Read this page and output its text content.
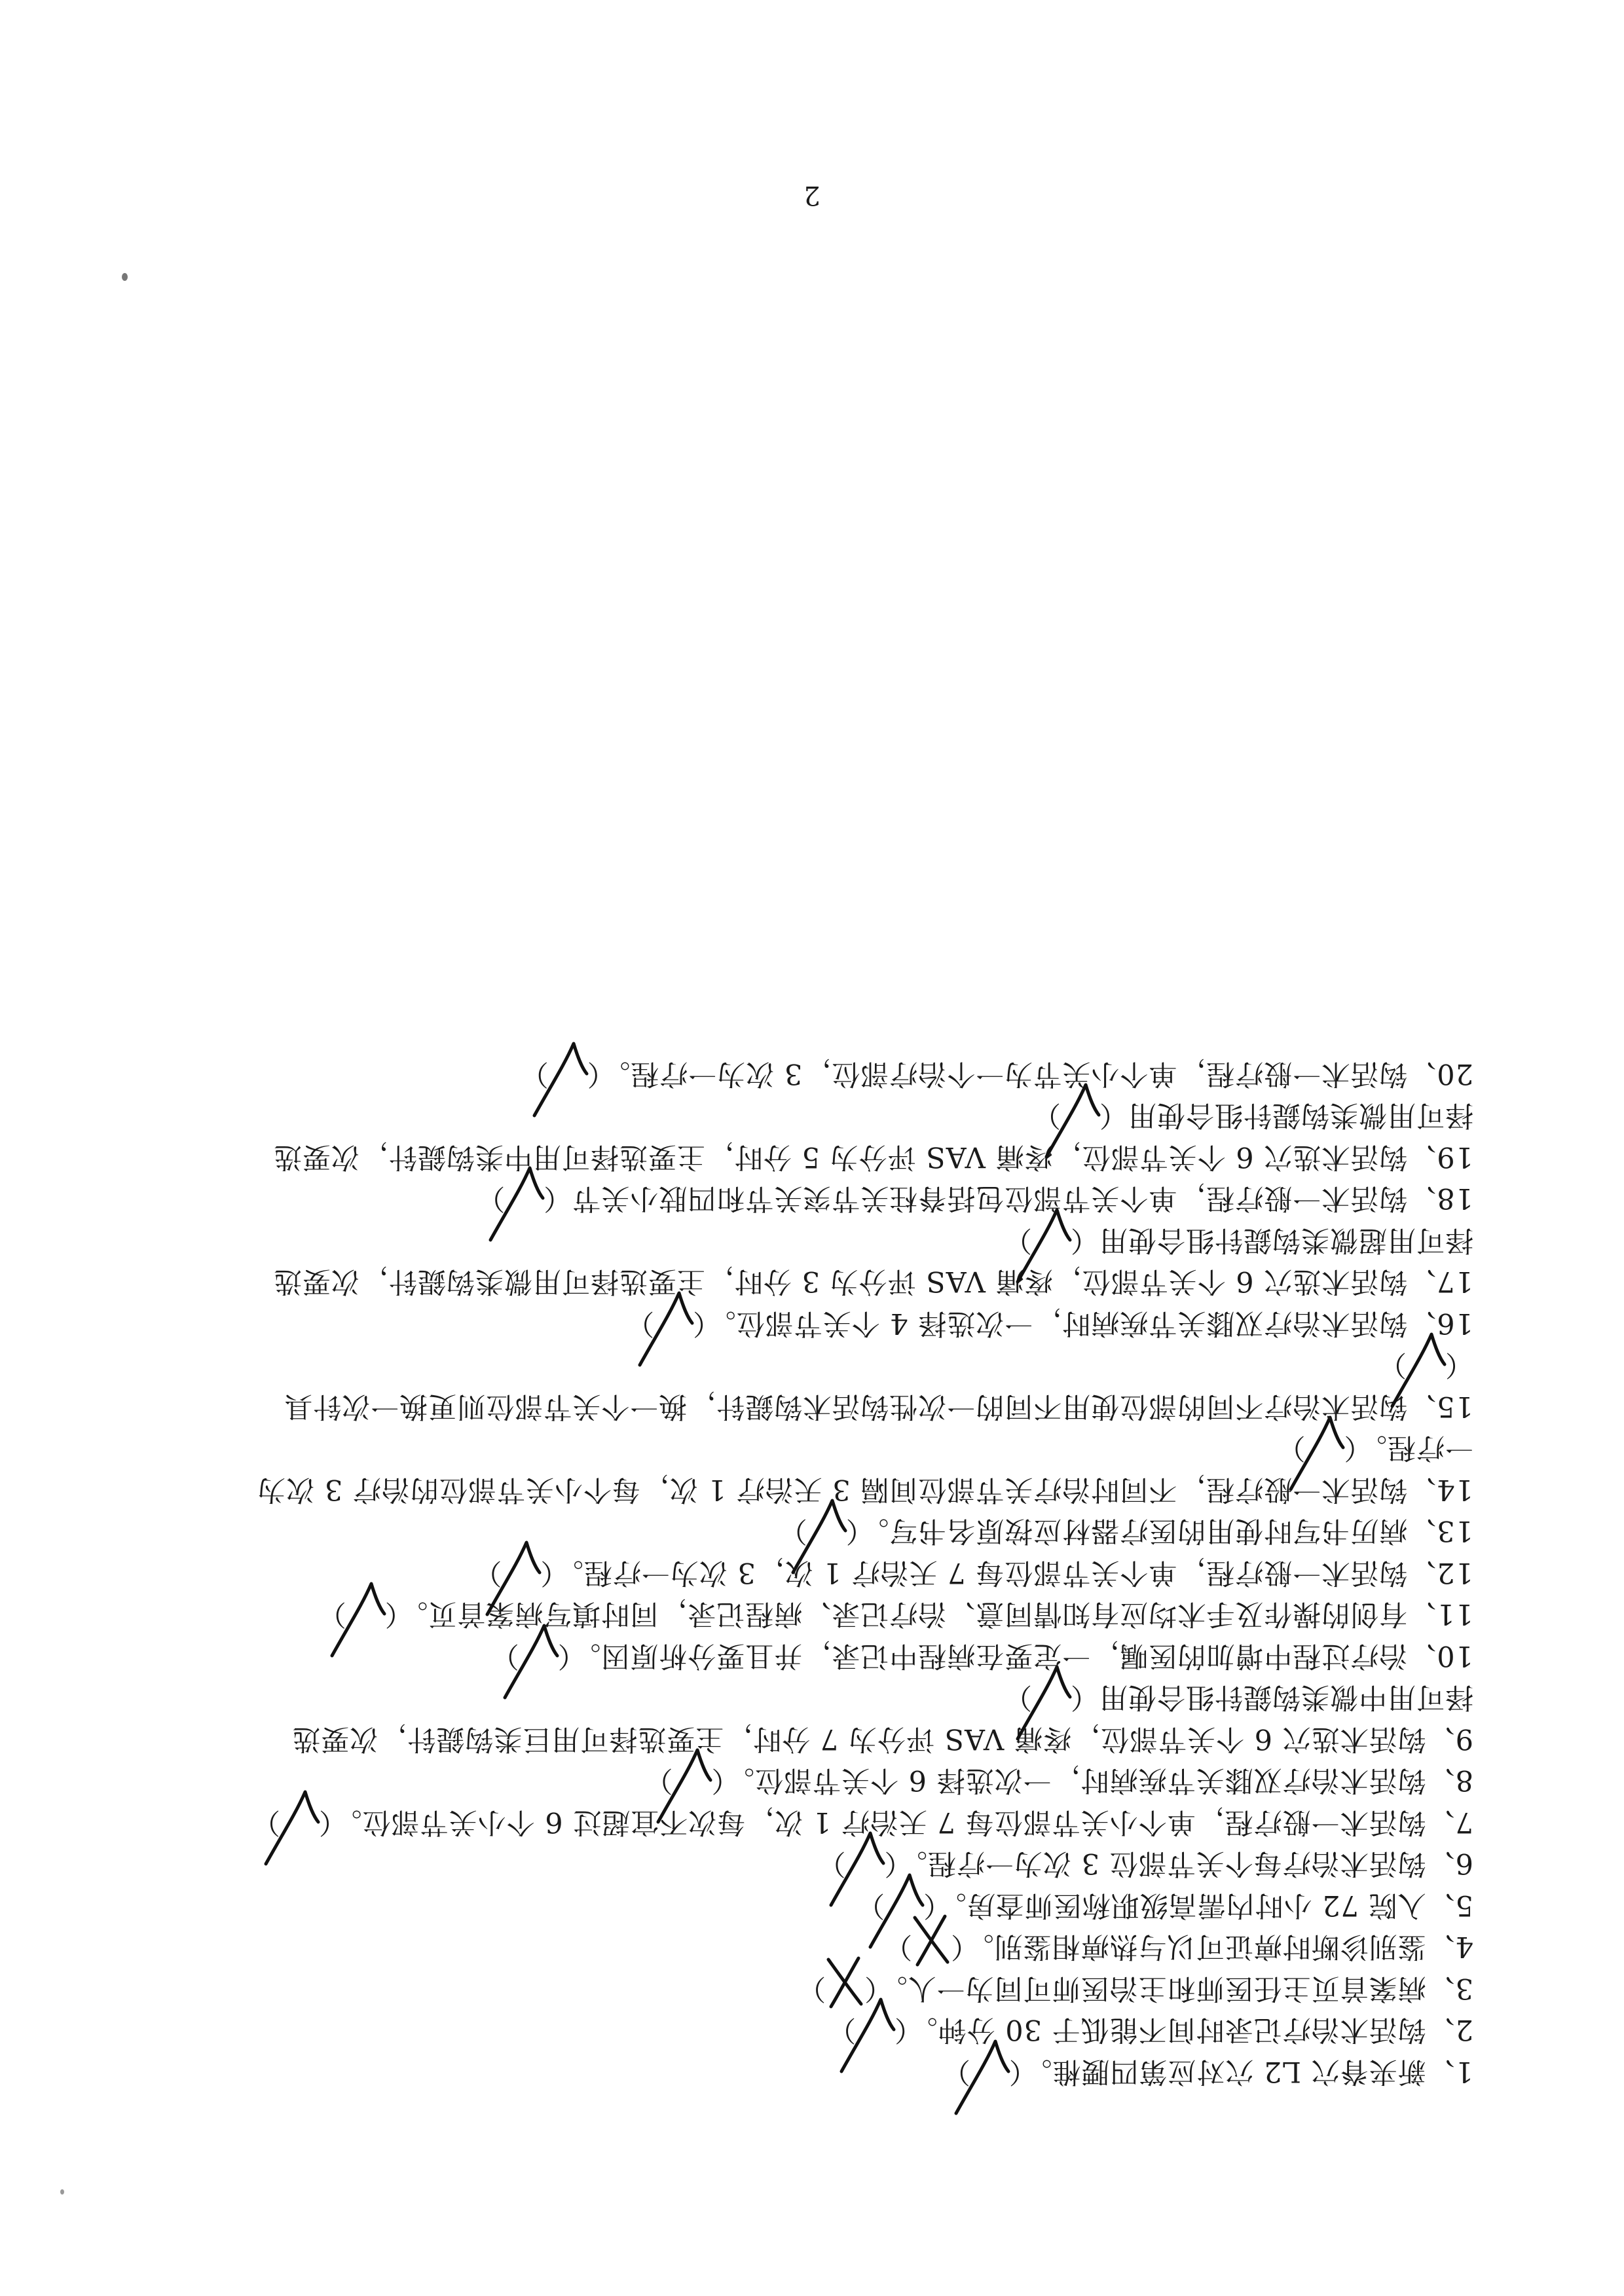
2
1、新夹脊穴 L2 穴对应第四腰椎。（
）
2、钩活术治疗记录时间不能低于 30 分钟。（
）
3、病案首页主任医师和主治医师可同为一人。（
）
4、鉴别诊断时痹证可以与热痹相鉴别。（
）
5、入院 72 小时内需高级职称医师查房。（
）
6、钩活术治疗每个关节部位 3 次为一疗程。（
）
7、钩活术一般疗程，单个小关节部位每 7 天治疗 1 次，每次不宜超过 6 个小关节部位。（
）
8、钩活术治疗双膝关节疾病时，一次选择 6 个关节部位。（
）
9、钩活术选穴 6 个关节部位，疼痛 VAS 评分为 7 分时，主要选择可用巨类钩鍉针，次要选
择可用中微类钩鍉针组合使用（
）
10、治疗过程中增加的医嘱，一定要在病程中记录，并且要分析原因。（
）
11、有创的操作及手术均应有知情同意、治疗记录、病程记录，同时填写病案首页。（
）
12、钩活术一般疗程，单个关节部位每 7 天治疗 1 次，3 次为一疗程。（
）
13、病历书写时使用的医疗器材应按原名书写。（
）
14、钩活术一般疗程，不同时治疗关节部位间隔 3 天治疗 1 次，每个小关节部位的治疗 3 次为
一疗程。（
）
15、钩活术治疗不同的部位使用不同的一次性钩活术钩鍉针，换一个关节部位则更换一次针具
（
）
16、钩活术治疗双膝关节疾病时，一次选择 4 个关节部位。（
）
17、钩活术选穴 6 个关节部位，疼痛 VAS 评分为 3 分时，主要选择可用微类钩鍉针，次要选
择可用超微类钩鍉针组合使用（
）
18、钩活术一般疗程，单个关节部位包括脊柱关节突关节和四肢小关节（
）
19、钩活术选穴 6 个关节部位，疼痛 VAS 评分为 5 分时，主要选择可用中类钩鍉针，次要选
择可用微类钩鍉针组合使用（
）
20、钩活术一般疗程，单个小关节为一个治疗部位，3 次为一疗程。（
）
